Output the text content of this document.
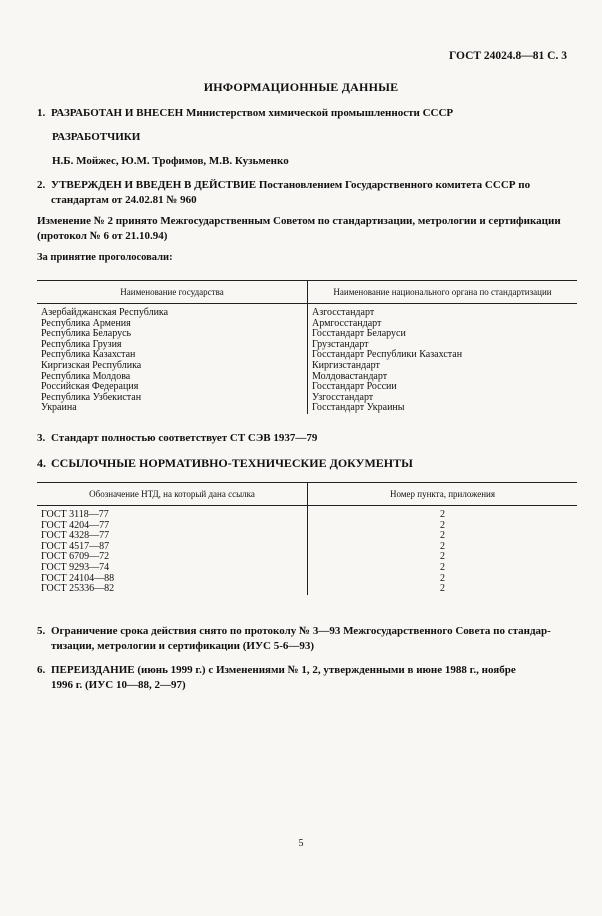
ГОСТ 24024.8—81 С. 3
ИНФОРМАЦИОННЫЕ ДАННЫЕ
1. РАЗРАБОТАН И ВНЕСЕН Министерством химической промышленности СССР
РАЗРАБОТЧИКИ
Н.Б. Мойжес, Ю.М. Трофимов, М.В. Кузьменко
2. УТВЕРЖДЕН И ВВЕДЕН В ДЕЙСТВИЕ Постановлением Государственного комитета СССР по
стандартам от 24.02.81 № 960
Изменение № 2 принято Межгосударственным Советом по стандартизации, метрологии и сертификации
(протокол № 6 от 21.10.94)
За принятие проголосовали:
Наименование государства	Наименование национального органа по стандартизации
Азербайджанская Республика	Азгосстандарт
Республика Армения	Армгосстандарт
Республика Беларусь	Госстандарт Беларуси
Республика Грузия	Грузстандарт
Республика Казахстан	Госстандарт Республики Казахстан
Киргизская Республика	Киргизстандарт
Республика Молдова	Молдовастандарт
Российская Федерация	Госстандарт России
Республика Узбекистан	Узгосстандарт
Украина	Госстандарт Украины
3. Стандарт полностью соответствует СТ СЭВ 1937—79
4. ССЫЛОЧНЫЕ НОРМАТИВНО-ТЕХНИЧЕСКИЕ ДОКУМЕНТЫ
Обозначение НТД, на который дана ссылка	Номер пункта, приложения
ГОСТ 3118—77	2
ГОСТ 4204—77	2
ГОСТ 4328—77	2
ГОСТ 4517—87	2
ГОСТ 6709—72	2
ГОСТ 9293—74	2
ГОСТ 24104—88	2
ГОСТ 25336—82	2
5. Ограничение срока действия снято по протоколу № 3—93 Межгосударственного Совета по стандар-
тизации, метрологии и сертификации (ИУС 5-6—93)
6. ПЕРЕИЗДАНИЕ (июнь 1999 г.) с Изменениями № 1, 2, утвержденными в июне 1988 г., ноябре
1996 г. (ИУС 10—88, 2—97)
5
